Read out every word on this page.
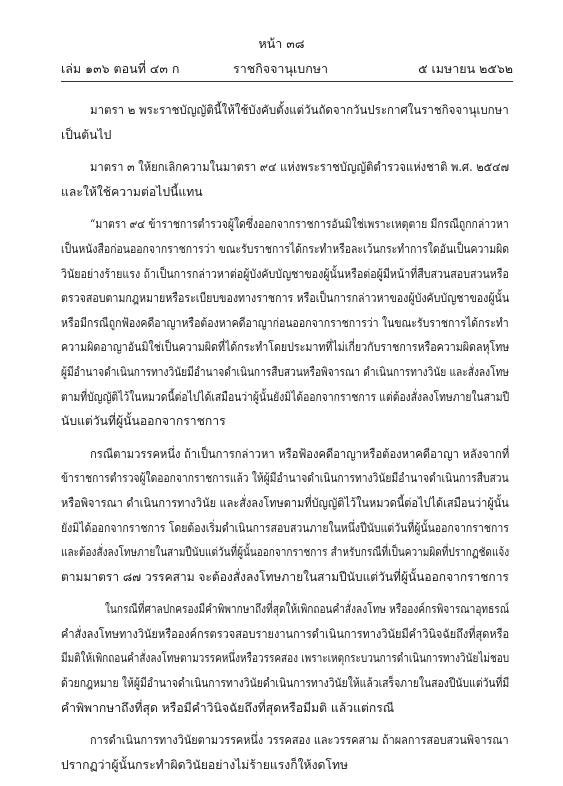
หน้า ๓๘
เล่ม ๑๓๖ ตอนที่ ๔๓ ก	ราชกิจจานุเบกษา	๕ เมษายน ๒๕๖๒
มาตรา ๒ พระราชบัญญัตินี้ให้ใช้บังคับตั้งแต่วันถัดจากวันประกาศในราชกิจจานุเบกษา
เป็นต้นไป
มาตรา ๓ ให้ยกเลิกความในมาตรา ๙๔ แห่งพระราชบัญญัติตำรวจแห่งชาติ พ.ศ. ๒๕๔๗
และให้ใช้ความต่อไปนี้แทน
“มาตรา ๙๔ ข้าราชการตำรวจผู้ใดซึ่งออกจากราชการอันมิใช่เพราะเหตุตาย มีกรณีถูกกล่าวหา
เป็นหนังสือก่อนออกจากราชการว่า ขณะรับราชการได้กระทำหรือละเว้นกระทำการใดอันเป็นความผิด
วินัยอย่างร้ายแรง ถ้าเป็นการกล่าวหาต่อผู้บังคับบัญชาของผู้นั้นหรือต่อผู้มีหน้าที่สืบสวนสอบสวนหรือ
ตรวจสอบตามกฎหมายหรือระเบียบของทางราชการ หรือเป็นการกล่าวหาของผู้บังคับบัญชาของผู้นั้น
หรือมีกรณีถูกฟ้องคดีอาญาหรือต้องหาคดีอาญาก่อนออกจากราชการว่า ในขณะรับราชการได้กระทำ
ความผิดอาญาอันมิใช่เป็นความผิดที่ได้กระทำโดยประมาทที่ไม่เกี่ยวกับราชการหรือความผิดลหุโทษ
ผู้มีอำนาจดำเนินการทางวินัยมีอำนาจดำเนินการสืบสวนหรือพิจารณา ดำเนินการทางวินัย และสั่งลงโทษ
ตามที่บัญญัติไว้ในหมวดนี้ต่อไปได้เสมือนว่าผู้นั้นยังมิได้ออกจากราชการ แต่ต้องสั่งลงโทษภายในสามปี
นับแต่วันที่ผู้นั้นออกจากราชการ
กรณีตามวรรคหนึ่ง ถ้าเป็นการกล่าวหา หรือฟ้องคดีอาญาหรือต้องหาคดีอาญา หลังจากที่
ข้าราชการตำรวจผู้ใดออกจากราชการแล้ว ให้ผู้มีอำนาจดำเนินการทางวินัยมีอำนาจดำเนินการสืบสวน
หรือพิจารณา ดำเนินการทางวินัย และสั่งลงโทษตามที่บัญญัติไว้ในหมวดนี้ต่อไปได้เสมือนว่าผู้นั้น
ยังมิได้ออกจากราชการ โดยต้องเริ่มดำเนินการสอบสวนภายในหนึ่งปีนับแต่วันที่ผู้นั้นออกจากราชการ
และต้องสั่งลงโทษภายในสามปีนับแต่วันที่ผู้นั้นออกจากราชการ สำหรับกรณีที่เป็นความผิดที่ปรากฏชัดแจ้ง
ตามมาตรา ๘๗ วรรคสาม จะต้องสั่งลงโทษภายในสามปีนับแต่วันที่ผู้นั้นออกจากราชการ
ในกรณีที่ศาลปกครองมีคำพิพากษาถึงที่สุดให้เพิกถอนคำสั่งลงโทษ หรือองค์กรพิจารณาอุทธรณ์
คำสั่งลงโทษทางวินัยหรือองค์กรตรวจสอบรายงานการดำเนินการทางวินัยมีคำวินิจฉัยถึงที่สุดหรือ
มีมติให้เพิกถอนคำสั่งลงโทษตามวรรคหนึ่งหรือวรรคสอง เพราะเหตุกระบวนการดำเนินการทางวินัยไม่ชอบ
ด้วยกฎหมาย ให้ผู้มีอำนาจดำเนินการทางวินัยดำเนินการทางวินัยให้แล้วเสร็จภายในสองปีนับแต่วันที่มี
คำพิพากษาถึงที่สุด หรือมีคำวินิจฉัยถึงที่สุดหรือมีมติ แล้วแต่กรณี
การดำเนินการทางวินัยตามวรรคหนึ่ง วรรคสอง และวรรคสาม ถ้าผลการสอบสวนพิจารณา
ปรากฏว่าผู้นั้นกระทำผิดวินัยอย่างไม่ร้ายแรงก็ให้งดโทษ
